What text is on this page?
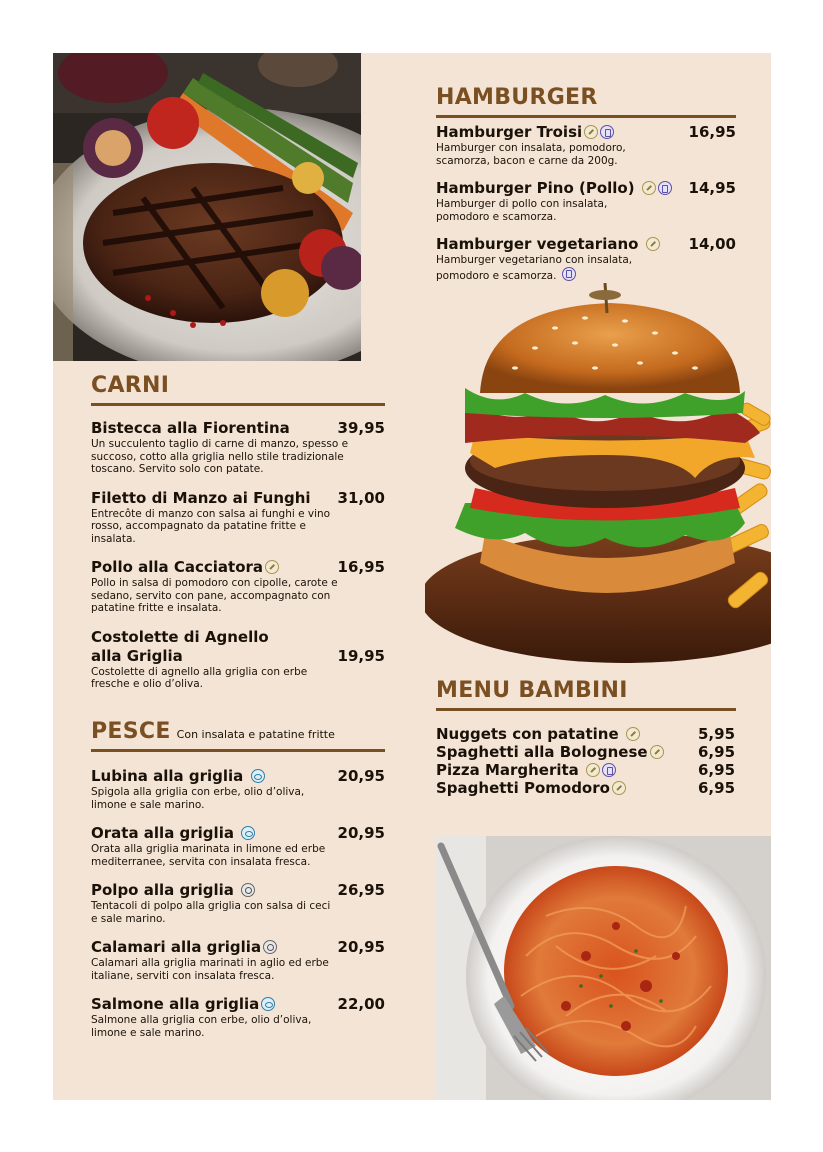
HAMBURGER
Hamburger Troisi	16,95
Hamburger con insalata, pomodoro, scamorza, bacon e carne da 200g.
Hamburger Pino (Pollo)	14,95
Hamburger di pollo con insalata, pomodoro e scamorza.
Hamburger vegetariano	14,00
Hamburger vegetariano con insalata, pomodoro e scamorza.
CARNI
Bistecca alla Fiorentina	39,95
Un succulento taglio di carne di manzo, spesso e succoso, cotto alla griglia nello stile tradizionale toscano. Servito solo con patate.
Filetto di Manzo ai Funghi 31,00
Entrecôte di manzo con salsa ai funghi e vino rosso, accompagnato da patatine fritte e insalata.
Pollo alla Cacciatora	16,95
Pollo in salsa di pomodoro con cipolle, carote e sedano, servito con pane, accompagnato con patatine fritte e insalata.
Costolette di Agnello alla Griglia	19,95
Costolette di agnello alla griglia con erbe fresche e olio d’oliva.
PESCE Con insalata e patatine fritte
Lubina alla griglia	20,95
Spigola alla griglia con erbe, olio d’oliva, limone e sale marino.
Orata alla griglia	20,95
Orata alla griglia marinata in limone ed erbe mediterranee, servita con insalata fresca.
Polpo alla griglia	26,95
Tentacoli di polpo alla griglia con salsa di ceci e sale marino.
Calamari alla griglia	20,95
Calamari alla griglia marinati in aglio ed erbe italiane, serviti con insalata fresca.
Salmone alla griglia	22,00
Salmone alla griglia con erbe, olio d’oliva, limone e sale marino.
MENU BAMBINI
Nuggets con patatine	5,95
Spaghetti alla Bolognese	6,95
Pizza Margherita	6,95
Spaghetti Pomodoro	6,95
